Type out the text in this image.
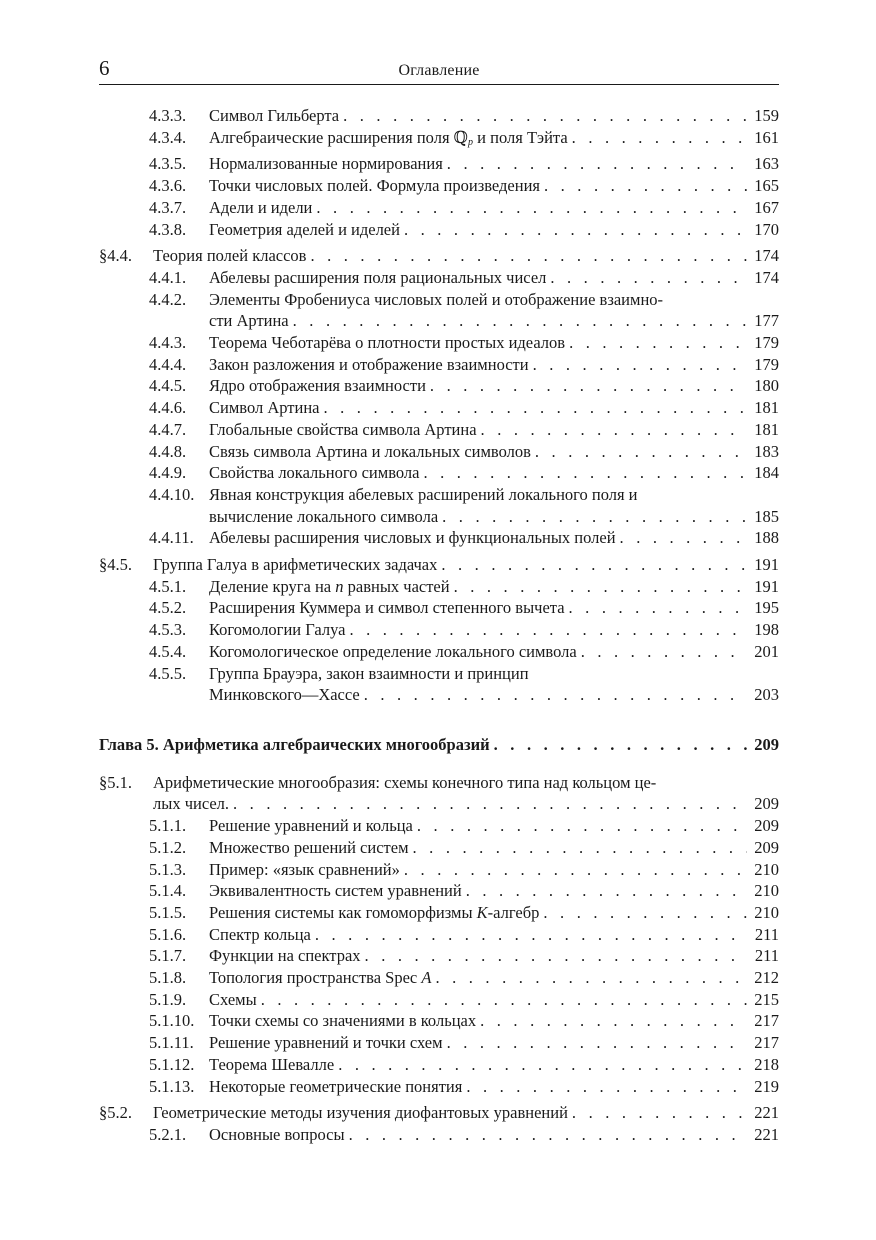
6	Оглавление
4.3.3.	Символ Гильберта . . .	159
4.3.4.	Алгебраические расширения поля ℚ$_p$ и поля Тэйта . . .	161
4.3.5.	Нормализованные нормирования . . .	163
4.3.6.	Точки числовых полей. Формула произведения . . .	165
4.3.7.	Адели и идели . . .	167
4.3.8.	Геометрия аделей и иделей . . .	170
§4.4.	Теория полей классов . . .	174
4.4.1.	Абелевы расширения поля рациональных чисел . . .	174
4.4.2.	Элементы Фробениуса числовых полей и отображение взаимно-
сти Артина . . .	177
4.4.3.	Теорема Чеботарёва о плотности простых идеалов . . .	179
4.4.4.	Закон разложения и отображение взаимности . . .	179
4.4.5.	Ядро отображения взаимности . . .	180
4.4.6.	Символ Артина . . .	181
4.4.7.	Глобальные свойства символа Артина . . .	181
4.4.8.	Связь символа Артина и локальных символов . . .	183
4.4.9.	Свойства локального символа . . .	184
4.4.10. Явная конструкция абелевых расширений локального поля и
вычисление локального символа . . .	185
4.4.11. Абелевы расширения числовых и функциональных полей . . .	188
§4.5.	Группа Галуа в арифметических задачах . . .	191
4.5.1.	Деление круга на n равных частей . . .	191
4.5.2.	Расширения Куммера и символ степенного вычета . . .	195
4.5.3.	Когомологии Галуа . . .	198
4.5.4.	Когомологическое определение локального символа . . .	201
4.5.5.	Группа Брауэра, закон взаимности и принцип
Минковского—Хассе . . .	203
Глава 5. Арифметика алгебраических многообразий . . .	209
§5.1.	Арифметические многообразия: схемы конечного типа над кольцом це-
лых чисел. . . .	209
5.1.1.	Решение уравнений и кольца . . .	209
5.1.2.	Множество решений систем . . .	209
5.1.3.	Пример: «язык сравнений» . . .	210
5.1.4.	Эквивалентность систем уравнений . . .	210
5.1.5.	Решения системы как гомоморфизмы K-алгебр . . .	210
5.1.6.	Спектр кольца . . .	211
5.1.7.	Функции на спектрах . . .	211
5.1.8.	Топология пространства Spec A . . .	212
5.1.9.	Схемы . . .	215
5.1.10. Точки схемы со значениями в кольцах . . .	217
5.1.11. Решение уравнений и точки схем . . .	217
5.1.12. Теорема Шевалле . . .	218
5.1.13. Некоторые геометрические понятия . . .	219
§5.2.	Геометрические методы изучения диофантовых уравнений . . .	221
5.2.1.	Основные вопросы . . .	221
